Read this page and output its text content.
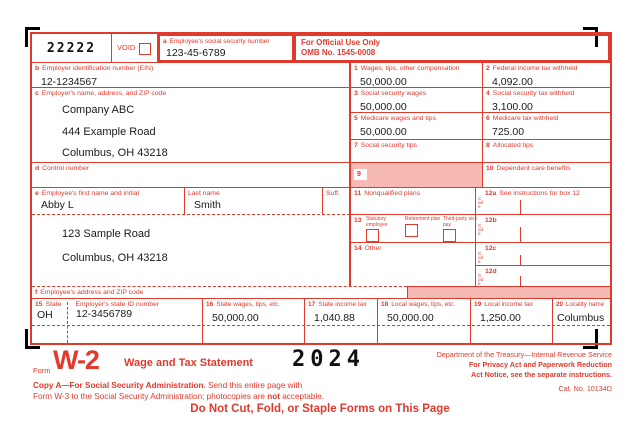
22222	VOID
a Employee's social security number
123-45-6789
For Official Use Only
OMB No. 1545-0008
b Employer identification number (EIN)
12-1234567
c Employer's name, address, and ZIP code
Company ABC
444 Example Road
Columbus, OH 43218
d Control number
e Employee's first name and initial
Abby L
Last name
Smith
Suff.
123 Sample Road
Columbus, OH 43218
f Employee's address and ZIP code
1 Wages, tips, other compensation
50,000.00
2 Federal income tax withheld
4,092.00
3 Social security wages
50,000.00
4 Social security tax withheld
3,100.00
5 Medicare wages and tips
50,000.00
6 Medicare tax withheld
725.00
7 Social security tips	8 Allocated tips
9
10 Dependent care benefits
11 Nonqualified plans	12a See instructions for box 12
Code
13 Statutory employee
Retirement plan Third-party sick pay
12b
Code
14 Other	12c
Code
12d
Code
15 State Employer's state ID number
OH 12-3456789
16 State wages, tips, etc.
50,000.00
17 State income tax
1,040.88
18 Local wages, tips, etc.
50,000.00
19 Local income tax
1,250.00
20 Locality name
Columbus
Form W-2 Wage and Tax Statement 2024
Copy A—For Social Security Administration. Send this entire page with
Form W-3 to the Social Security Administration; photocopies are not acceptable.
Department of the Treasury—Internal Revenue Service
For Privacy Act and Paperwork Reduction
Act Notice, see the separate instructions.
Cat. No. 10134D
Do Not Cut, Fold, or Staple Forms on This Page
